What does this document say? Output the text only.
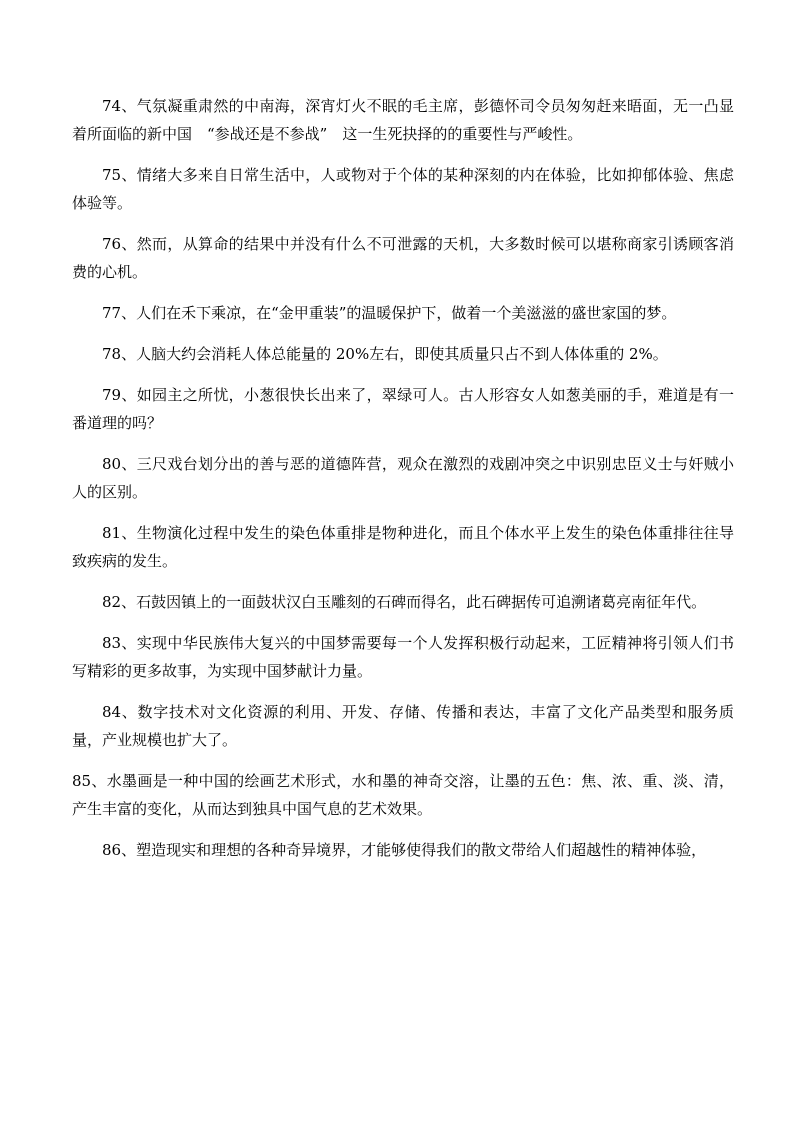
74、气氛凝重肃然的中南海，深宵灯火不眠的毛主席，彭德怀司令员匆匆赶来晤面，无一凸显着所面临的新中国　“参战还是不参战”　这一生死抉择的的重要性与严峻性。

75、情绪大多来自日常生活中，人或物对于个体的某种深刻的内在体验，比如抑郁体验、焦虑体验等。

76、然而，从算命的结果中并没有什么不可泄露的天机，大多数时候可以堪称商家引诱顾客消费的心机。

77、人们在禾下乘凉，在“金甲重装”的温暖保护下，做着一个美滋滋的盛世家国的梦。

78、人脑大约会消耗人体总能量的 20%左右，即使其质量只占不到人体体重的 2%。

79、如园主之所忧，小葱很快长出来了，翠绿可人。古人形容女人如葱美丽的手，难道是有一番道理的吗？

80、三尺戏台划分出的善与恶的道德阵营，观众在激烈的戏剧冲突之中识别忠臣义士与奸贼小人的区别。

81、生物演化过程中发生的染色体重排是物种进化，而且个体水平上发生的染色体重排往往导致疾病的发生。

82、石鼓因镇上的一面鼓状汉白玉雕刻的石碑而得名，此石碑据传可追溯诸葛亮南征年代。

83、实现中华民族伟大复兴的中国梦需要每一个人发挥积极行动起来，工匠精神将引领人们书写精彩的更多故事，为实现中国梦献计力量。

84、数字技术对文化资源的利用、开发、存储、传播和表达，丰富了文化产品类型和服务质量，产业规模也扩大了。

85、水墨画是一种中国的绘画艺术形式，水和墨的神奇交溶，让墨的五色：焦、浓、重、淡、清，产生丰富的变化，从而达到独具中国气息的艺术效果。

86、塑造现实和理想的各种奇异境界，才能够使得我们的散文带给人们超越性的精神体验，
